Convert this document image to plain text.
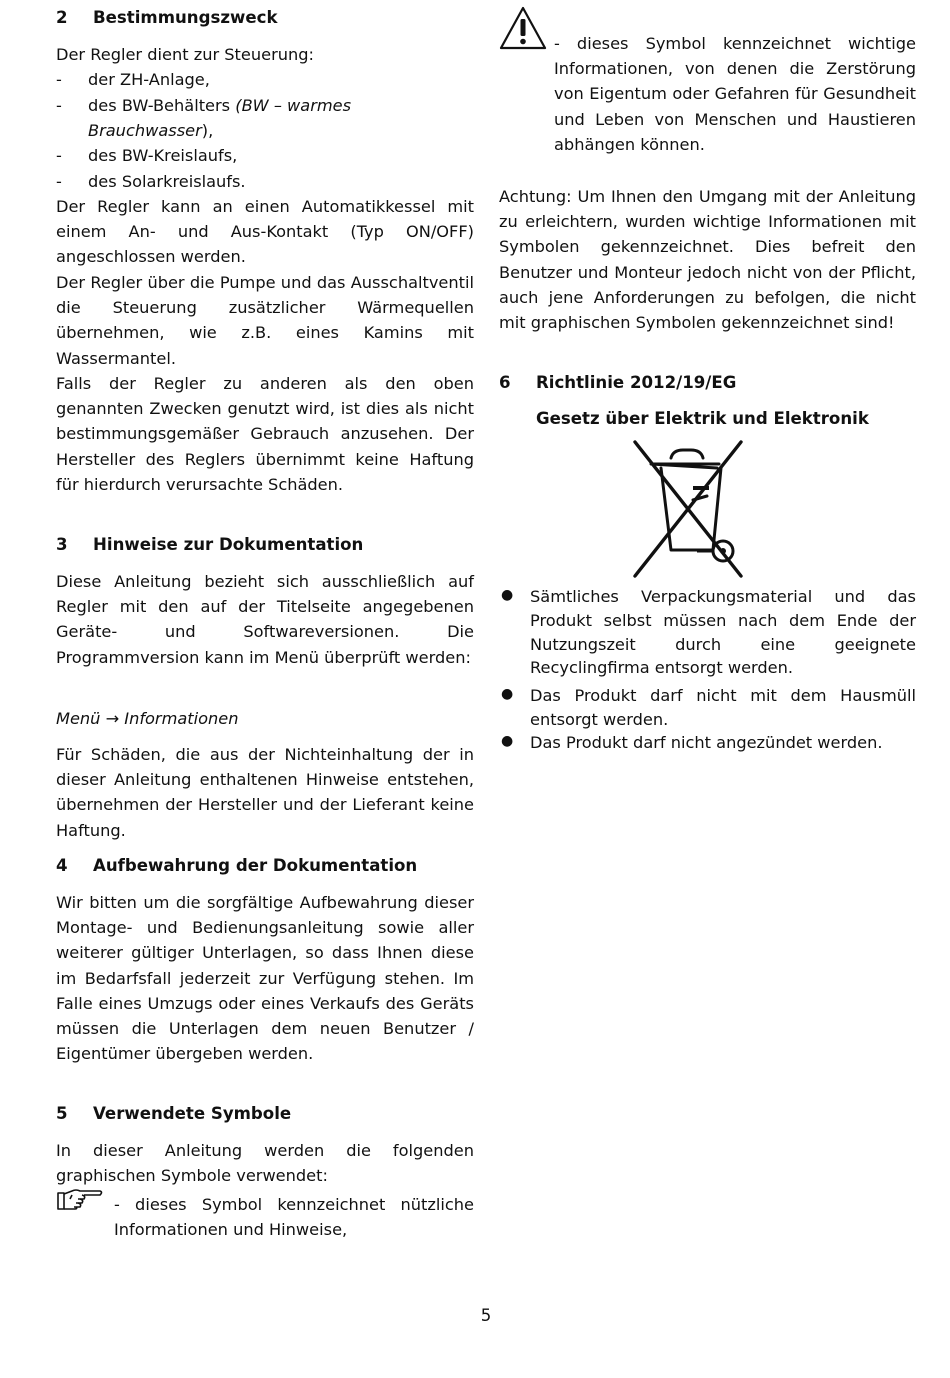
2 Bestimmungszweck
Der Regler dient zur Steuerung:
- der ZH-Anlage,
- des BW-Behälters (BW – warmes
Brauchwasser),
- des BW-Kreislaufs,
- des Solarkreislaufs.
Der Regler kann an einen Automatikkessel mit einem An- und Aus-Kontakt (Typ ON/OFF) angeschlossen werden.
Der Regler über die Pumpe und das Ausschaltventil die Steuerung zusätzlicher Wärmequellen übernehmen, wie z.B. eines Kamins mit Wassermantel.
Falls der Regler zu anderen als den oben genannten Zwecken genutzt wird, ist dies als nicht bestimmungsgemäßer Gebrauch anzusehen. Der Hersteller des Reglers übernimmt keine Haftung für hierdurch verursachte Schäden.
3 Hinweise zur Dokumentation
Diese Anleitung bezieht sich ausschließlich auf Regler mit den auf der Titelseite angegebenen Geräte- und Softwareversionen. Die Programmversion kann im Menü überprüft werden:
Menü → Informationen
Für Schäden, die aus der Nichteinhaltung der in dieser Anleitung enthaltenen Hinweise entstehen, übernehmen der Hersteller und der Lieferant keine Haftung.
4 Aufbewahrung der Dokumentation
Wir bitten um die sorgfältige Aufbewahrung dieser Montage- und Bedienungsanleitung sowie aller weiterer gültiger Unterlagen, so dass Ihnen diese im Bedarfsfall jederzeit zur Verfügung stehen. Im Falle eines Umzugs oder eines Verkaufs des Geräts müssen die Unterlagen dem neuen Benutzer / Eigentümer übergeben werden.
5 Verwendete Symbole
In dieser Anleitung werden die folgenden graphischen Symbole verwendet:
- dieses Symbol kennzeichnet nützliche Informationen und Hinweise,
- dieses Symbol kennzeichnet wichtige Informationen, von denen die Zerstörung von Eigentum oder Gefahren für Gesundheit und Leben von Menschen und Haustieren abhängen können.
Achtung: Um Ihnen den Umgang mit der Anleitung zu erleichtern, wurden wichtige Informationen mit Symbolen gekennzeichnet. Dies befreit den Benutzer und Monteur jedoch nicht von der Pflicht, auch jene Anforderungen zu befolgen, die nicht mit graphischen Symbolen gekennzeichnet sind!
6 Richtlinie 2012/19/EG
Gesetz über Elektrik und Elektronik
● Sämtliches Verpackungsmaterial und das Produkt selbst müssen nach dem Ende der Nutzungszeit durch eine geeignete Recyclingfirma entsorgt werden.
● Das Produkt darf nicht mit dem Hausmüll entsorgt werden.
● Das Produkt darf nicht angezündet werden.
5
